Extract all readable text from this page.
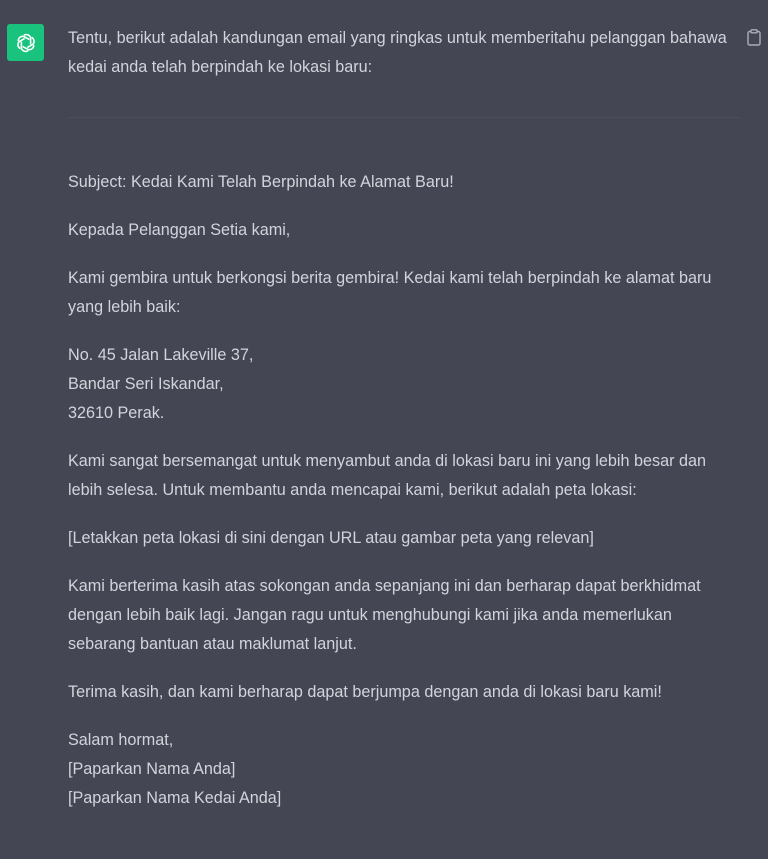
Tentu, berikut adalah kandungan email yang ringkas untuk memberitahu pelanggan bahawa kedai anda telah berpindah ke lokasi baru:

Subject: Kedai Kami Telah Berpindah ke Alamat Baru!

Kepada Pelanggan Setia kami,

Kami gembira untuk berkongsi berita gembira! Kedai kami telah berpindah ke alamat baru yang lebih baik:

No. 45 Jalan Lakeville 37,
Bandar Seri Iskandar,
32610 Perak.

Kami sangat bersemangat untuk menyambut anda di lokasi baru ini yang lebih besar dan lebih selesa. Untuk membantu anda mencapai kami, berikut adalah peta lokasi:

[Letakkan peta lokasi di sini dengan URL atau gambar peta yang relevan]

Kami berterima kasih atas sokongan anda sepanjang ini dan berharap dapat berkhidmat dengan lebih baik lagi. Jangan ragu untuk menghubungi kami jika anda memerlukan sebarang bantuan atau maklumat lanjut.

Terima kasih, dan kami berharap dapat berjumpa dengan anda di lokasi baru kami!

Salam hormat,
[Paparkan Nama Anda]
[Paparkan Nama Kedai Anda]
